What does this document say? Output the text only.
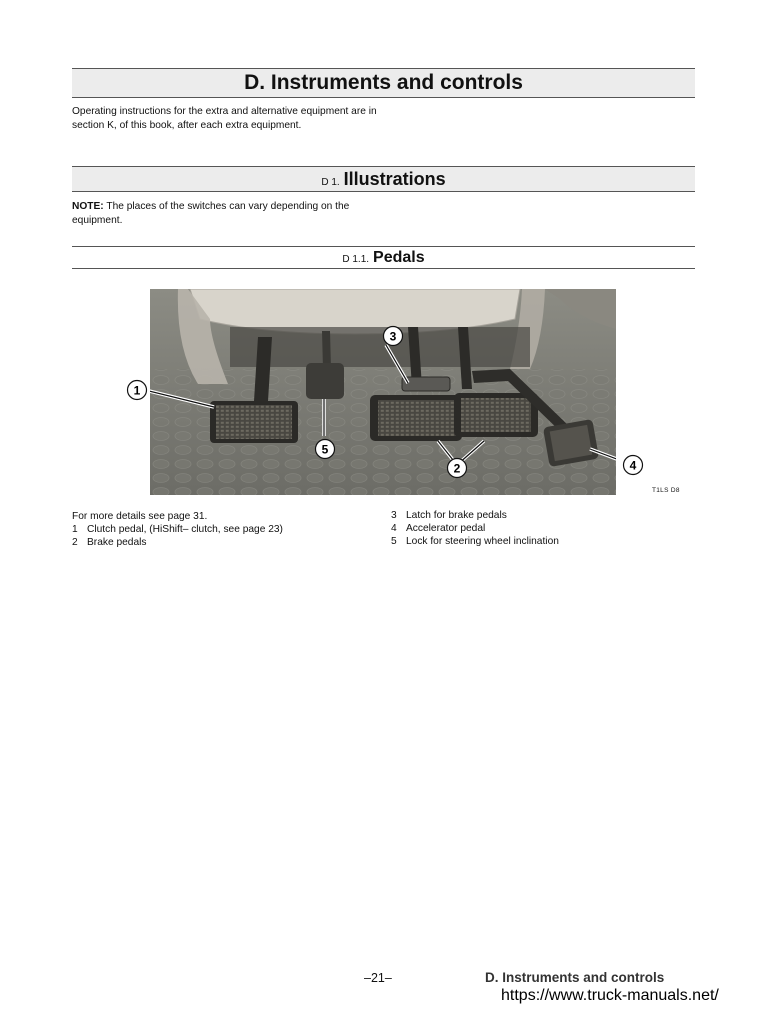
D. Instruments and controls

Operating instructions for the extra and alternative equipment are in section K, of this book, after each extra equipment.

D 1. Illustrations

NOTE: The places of the switches can vary depending on the equipment.

D 1.1. Pedals
5
3
2
1
4
T1LS D8
For more details see page 31.
1 Clutch pedal, (HiShift– clutch, see page 23)
2 Brake pedals
3 Latch for brake pedals
4 Accelerator pedal
5 Lock for steering wheel inclination
–21–	D. Instruments and controls
https://www.truck-manuals.net/
